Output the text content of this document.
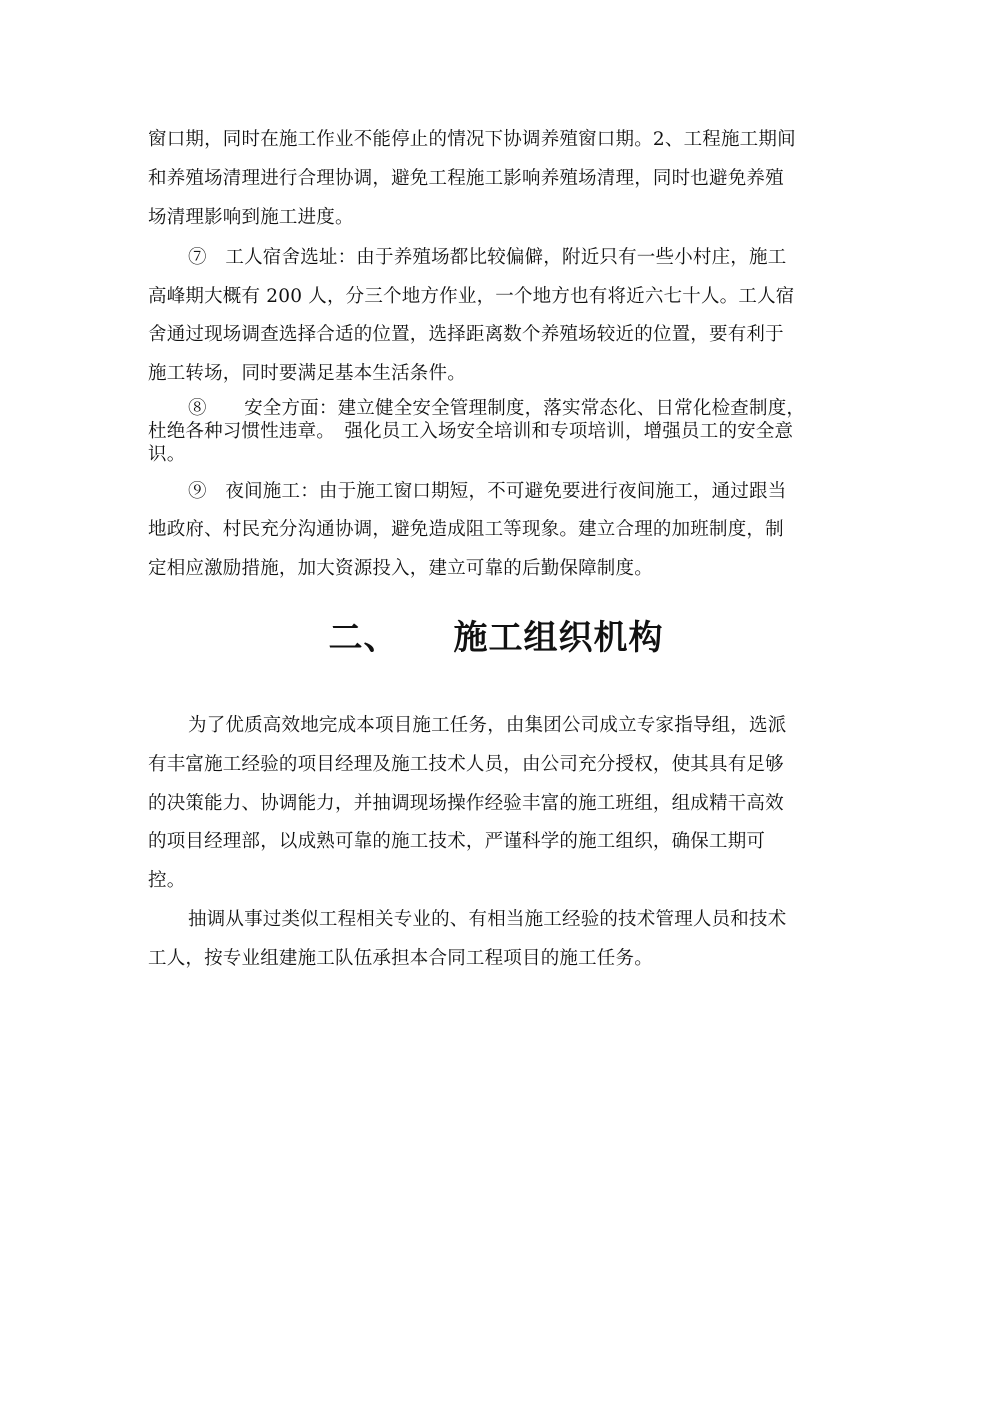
窗口期，同时在施工作业不能停止的情况下协调养殖窗口期。2、工程施工期间
和养殖场清理进行合理协调，避免工程施工影响养殖场清理，同时也避免养殖
场清理影响到施工进度。
⑦　工人宿舍选址：由于养殖场都比较偏僻，附近只有一些小村庄，施工
高峰期大概有 200 人，分三个地方作业，一个地方也有将近六七十人。工人宿
舍通过现场调查选择合适的位置，选择距离数个养殖场较近的位置，要有利于
施工转场，同时要满足基本生活条件。
⑧　　安全方面：建立健全安全管理制度，落实常态化、日常化检查制度，
杜绝各种习惯性违章。　强化员工入场安全培训和专项培训，增强员工的安全意
识。
⑨　夜间施工：由于施工窗口期短，不可避免要进行夜间施工，通过跟当
地政府、村民充分沟通协调，避免造成阻工等现象。建立合理的加班制度，制
定相应激励措施，加大资源投入，建立可靠的后勤保障制度。
二、 施工组织机构
为了优质高效地完成本项目施工任务，由集团公司成立专家指导组，选派
有丰富施工经验的项目经理及施工技术人员，由公司充分授权，使其具有足够
的决策能力、协调能力，并抽调现场操作经验丰富的施工班组，组成精干高效
的项目经理部，以成熟可靠的施工技术，严谨科学的施工组织，确保工期可
控。
抽调从事过类似工程相关专业的、有相当施工经验的技术管理人员和技术
工人，按专业组建施工队伍承担本合同工程项目的施工任务。
